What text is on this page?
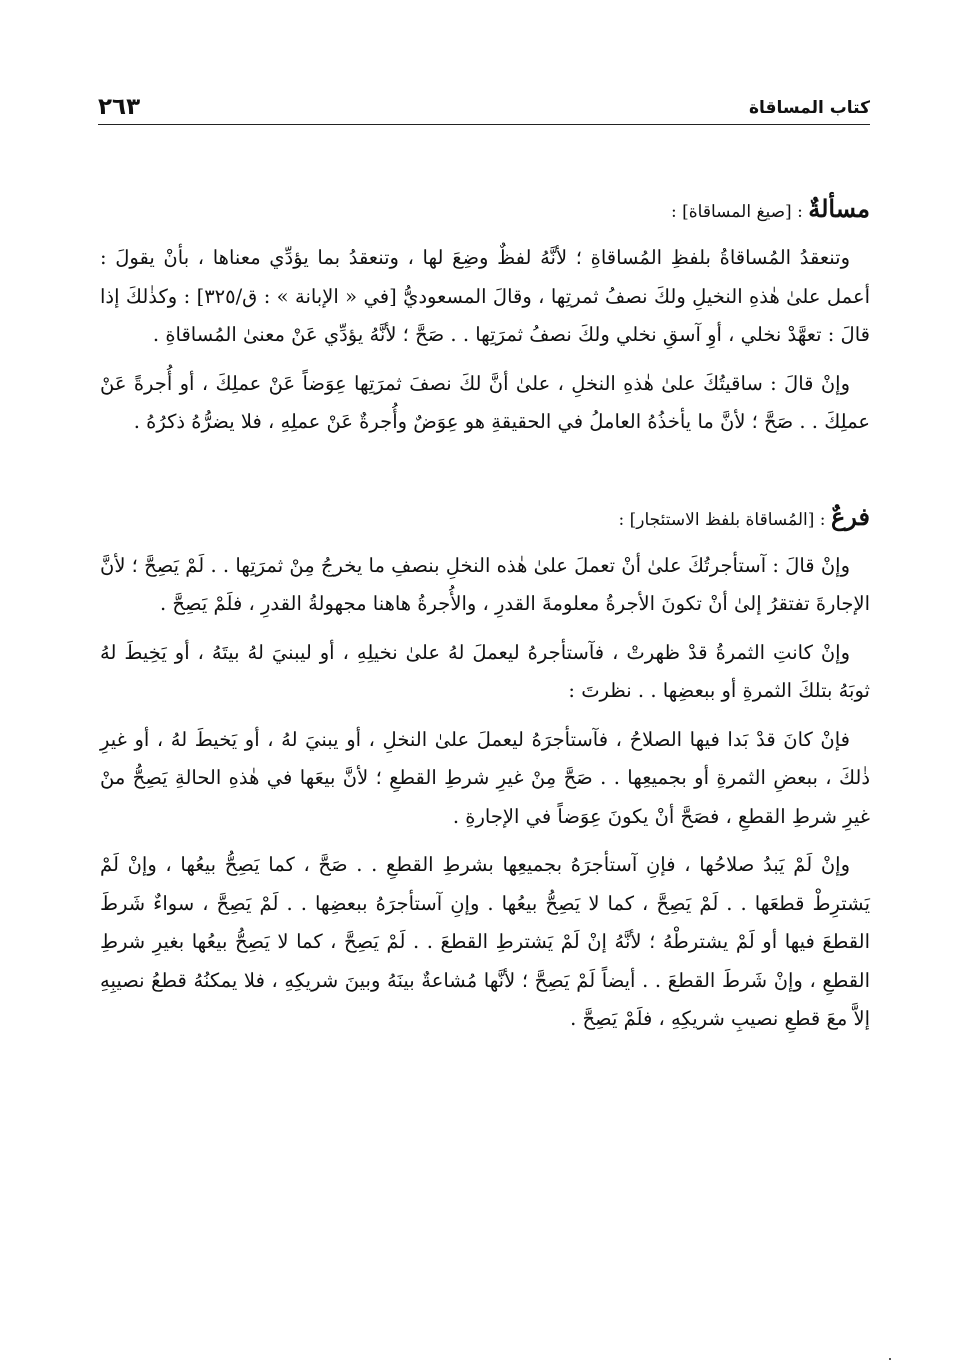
كتاب المساقاة
٢٦٣

مسألةٌ : [صيغ المساقاة] :

وتنعقدُ المُساقاةُ بلفظِ المُساقاةِ ؛ لأنَّهُ لفظٌ وضِعَ لها ، وتنعقدُ بما يؤدِّي معناها ، بأنْ يقولَ : أعمل علىٰ هٰذهِ النخيلِ ولكَ نصفُ ثمرتِها ، وقالَ المسعوديُّ [في « الإبانة » : ق/٣٢٥] : وكذٰلكَ إذا قالَ : تعهَّدْ نخلي ، أوِ آسقِ نخلي ولكَ نصفُ ثمرَتِها . . صَحَّ ؛ لأنَّهُ يؤدِّي عَنْ معنىٰ المُساقاةِ .

وإنْ قالَ : ساقيتُكَ علىٰ هٰذهِ النخلِ ، علىٰ أنَّ لكَ نصفَ ثمرَتِها عِوَضاً عَنْ عملِكَ ، أو أُجرةً عَنْ عملِكَ . . صَحَّ ؛ لأنَّ ما يأخذُهُ العاملُ في الحقيقةِ هو عِوَضٌ وأُجرةٌ عَنْ عملِهِ ، فلا يضرُّهُ ذكرُهُ .

فرعٌ : [المُساقاة بلفظ الاستئجار] :

وإنْ قالَ : آستأجرتُكَ علىٰ أنْ تعملَ علىٰ هٰذه النخلِ بنصفِ ما يخرجُ مِنْ ثمرَتِها . . لَمْ يَصِحَّ ؛ لأنَّ الإجارةَ تفتقرُ إلىٰ أنْ تكونَ الأجرةُ معلومةَ القدرِ ، والأُجرةُ هاهنا مجهولةُ القدرِ ، فلَمْ يَصِحَّ .

وإنْ كانتِ الثمرةُ قدْ ظهرتْ ، فآستأجرهُ ليعملَ لهُ علىٰ نخيلِهِ ، أو ليبنيَ لهُ بيتَهُ ، أو يَخِيطَ لهُ ثوبَهُ بتلكَ الثمرةِ أو ببعضِها . . نظرتَ :

فإنْ كانَ قدْ بَدا فيها الصلاحُ ، فآستأجرَهُ ليعملَ علىٰ النخلِ ، أو يبنيَ لهُ ، أو يَخيطَ لهُ ، أو غيرِ ذٰلكَ ، ببعضِ الثمرةِ أو بجميعِها . . صَحَّ مِنْ غيرِ شرطِ القطعِ ؛ لأنَّ بيعَها في هٰذهِ الحالةِ يَصِحُّ منْ غيرِ شرطِ القطعِ ، فصَحَّ أنْ يكونَ عِوَضاً في الإجارةِ .

وإنْ لَمْ يَبدُ صلاحُها ، فإنِ آستأجرَهُ بجميعِها بشرطِ القطعِ . . صَحَّ ، كما يَصِحُّ بيعُها ، وإنْ لَمْ يَشترِطْ قطعَها . . لَمْ يَصِحَّ ، كما لا يَصِحُّ بيعُها . وإنِ آستأجرَهُ ببعضِها . . لَمْ يَصِحَّ ، سواءٌ شَرطَ القطعَ فيها أو لَمْ يشترطْهُ ؛ لأنَّهُ إنْ لَمْ يَشترطِ القطعَ . . لَمْ يَصِحَّ ، كما لا يَصِحُّ بيعُها بغيرِ شرطِ القطعِ ، وإنْ شَرطَ القطعَ . . أيضاً لَمْ يَصِحَّ ؛ لأنَّها مُشاعةٌ بينَهُ وبينَ شريكِهِ ، فلا يمكنُهُ قطعُ نصيبِهِ إلاَّ معَ قطعِ نصيبِ شريكِهِ ، فلَمْ يَصِحَّ .
